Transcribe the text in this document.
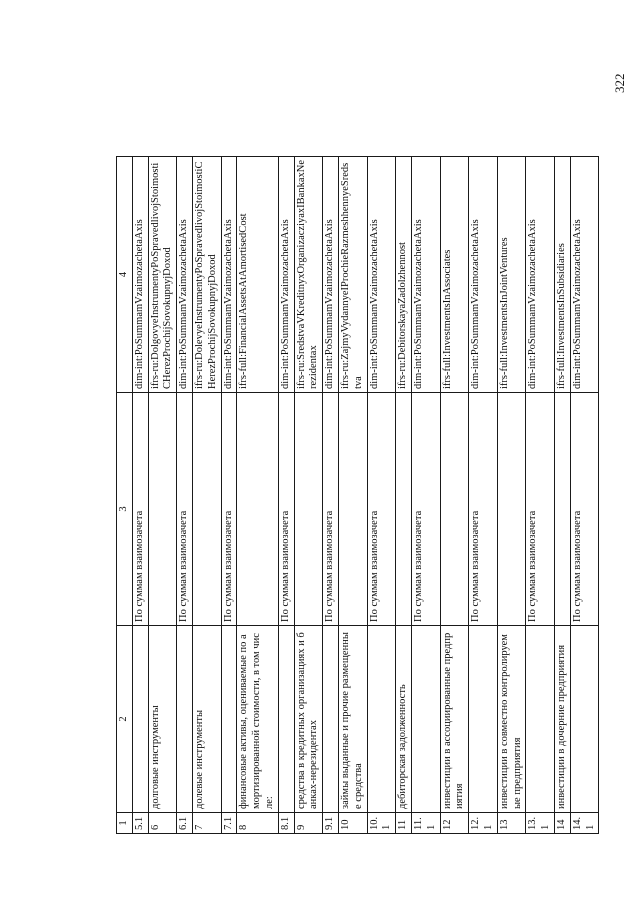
322
1	2	3	4
5.1		По суммам взаимозачета	dim-int:PoSummamVzaimozachetaAxis
6	долговые инструменты		ifrs-ru:DolgovyeInstrumentyPoSpravedlivojStoimostiCHerezProchijSovokupnyjDoxod
6.1		По суммам взаимозачета	dim-int:PoSummamVzaimozachetaAxis
7	долевые инструменты		ifrs-ru:DolevyeInstrumentyPoSpravedlivojStoimostiCHerezProchijSovokupnyjDoxod
7.1		По суммам взаимозачета	dim-int:PoSummamVzaimozachetaAxis
8	финансовые активы, оцениваемые по амортизированной стоимости, в том числе:		ifrs-full:FinancialAssetsAtAmortisedCost
8.1		По суммам взаимозачета	dim-int:PoSummamVzaimozachetaAxis
9	средства в кредитных организациях и банках-нерезидентах		ifrs-ru:SredstvaVKreditnyxOrganizacziyaxIBankaxNerezidentax
9.1		По суммам взаимозачета	dim-int:PoSummamVzaimozachetaAxis
10	займы выданные и прочие размещенные средства		ifrs-ru:ZajmyVydannyeIProchieRazmeshhennyeSredstva
10.1		По суммам взаимозачета	dim-int:PoSummamVzaimozachetaAxis
11	дебиторская задолженность		ifrs-ru:DebitorskayaZadolzhennost
11.1		По суммам взаимозачета	dim-int:PoSummamVzaimozachetaAxis
12	инвестиции в ассоциированные предприятия		ifrs-full:InvestmentsInAssociates
12.1		По суммам взаимозачета	dim-int:PoSummamVzaimozachetaAxis
13	инвестиции в совместно контролируемые предприятия		ifrs-full:InvestmentsInJointVentures
13.1		По суммам взаимозачета	dim-int:PoSummamVzaimozachetaAxis
14	инвестиции в дочерние предприятия		ifrs-full:InvestmentsInSubsidiaries
14.1		По суммам взаимозачета	dim-int:PoSummamVzaimozachetaAxis
